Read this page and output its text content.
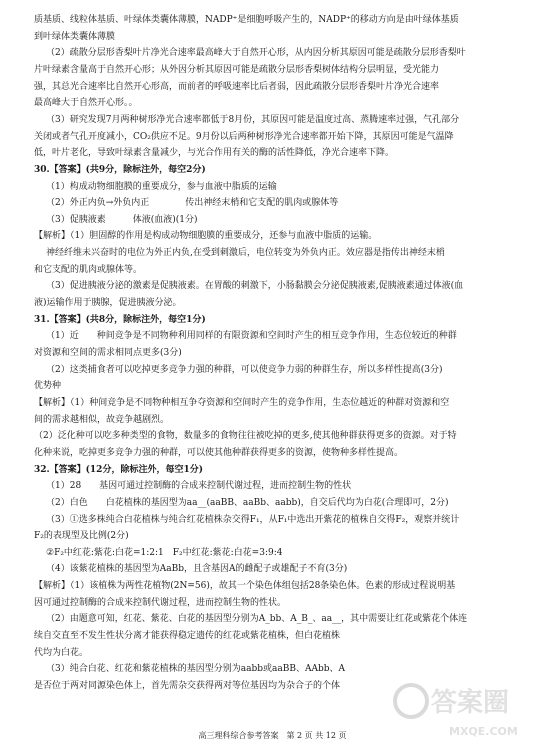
质基质、线粒体基质、叶绿体类囊体薄膜，NADP⁺是细胞呼吸产生的，NADP⁺的移动方向是由叶绿体基质
到叶绿体类囊体薄膜
（2）疏散分层形香梨叶片净光合速率最高峰大于自然开心形，从内因分析其原因可能是疏散分层形香梨叶
片叶绿素含量高于自然开心形；从外因分析其原因可能是疏散分层形香梨树体结构分层明显，受光能力
强，其总光合速率比自然开心形高，而前者的呼吸速率比后者弱，因此疏散分层形香梨叶片净光合速率
最高峰大于自然开心形。。
（3）研究发现7月两种树形净光合速率都低于8月份，其原因可能是温度过高、蒸腾速率过强，气孔部分
关闭或者气孔开度减小，CO₂供应不足。9月份以后两种树形净光合速率都开始下降，其原因可能是气温降
低，叶片老化，导致叶绿素含量减少，与光合作用有关的酶的活性降低，净光合速率下降。
30.【答案】(共9分，除标注外，每空2分)
（1）构成动物细胞膜的重要成分，参与血液中脂质的运输
（2）外正内负→外负内正　　　　传出神经末梢和它支配的肌肉或腺体等
（3）促胰液素　　　体液(血液)(1分)
【解析】（1）胆固醇的作用是构成动物细胞膜的重要成分，还参与血液中脂质的运输。
神经纤维未兴奋时的电位为外正内负,在受到刺激后，电位转变为外负内正。效应器是指传出神经末梢
和它支配的肌肉或腺体等。
（3）促进胰液分泌的激素是促胰液素。在胃酸的刺激下，小肠黏膜会分泌促胰液素,促胰液素通过体液(血
液)运输作用于胰腺，促进胰液分泌。
31.【答案】(共8分，除标注外，每空1分)
（1）近　　种间竞争是不同物种利用同样的有限资源和空间时产生的相互竞争作用，生态位较近的种群
对资源和空间的需求相同点更多(3分)
（2）这类捕食者可以吃掉更多竞争力强的种群，可以使竞争力弱的种群生存，所以多样性提高(3分)
优势种
【解析】（1）种间竞争是不同物种相互争夺资源和空间时产生的竞争作用，生态位越近的种群对资源和空
间的需求越相似，故竞争越剧烈。
（2）泛化种可以吃多种类型的食物，数量多的食物往往被吃掉的更多,使其他种群获得更多的资源。对于特
化种来说，吃掉更多竞争力强的种群，可以使其他种群获得更多的资源，使物种多样性提高。
32.【答案】(12分，除标注外，每空1分)
（1）28　　基因可通过控制酶的合成来控制代谢过程，进而控制生物的性状
（2）白色　　白花植株的基因型为aa__(aaBB、aaBb、aabb)，自交后代均为白花(合理即可，2分)
（3）①选多株纯合白花植株与纯合红花植株杂交得F₁，从F₁中选出开紫花的植株自交得F₂，观察并统计
F₂的表现型及比例(2分)
②F₂中红花:紫花:白花=1:2:1　F₂中红花:紫花:白花=3:9:4
（4）该紫花植株的基因型为AaBb，且含基因A的雌配子或雄配子不育(3分)
【解析】（1）该植株为两性花植物(2N=56)，故其一个染色体组包括28条染色体。色素的形成过程说明基
因可通过控制酶的合成来控制代谢过程，进而控制生物的性状。
（2）由题意可知，红花、紫花、白花的基因型分别为A_bb、A_B_、aa__，其中需要让红花或紫花个体连
续自交直至不发生性状分离才能获得稳定遗传的红花或紫花植株，但白花植株
代均为白花。
（3）纯合白花、红花和紫花植株的基因型分别为aabb或aaBB、AAbb、A
是否位于两对同源染色体上，首先需杂交获得两对等位基因均为杂合子的个体
高三理科综合参考答案　第 2 页 共 12 页
答案圈
MXQE.COM
